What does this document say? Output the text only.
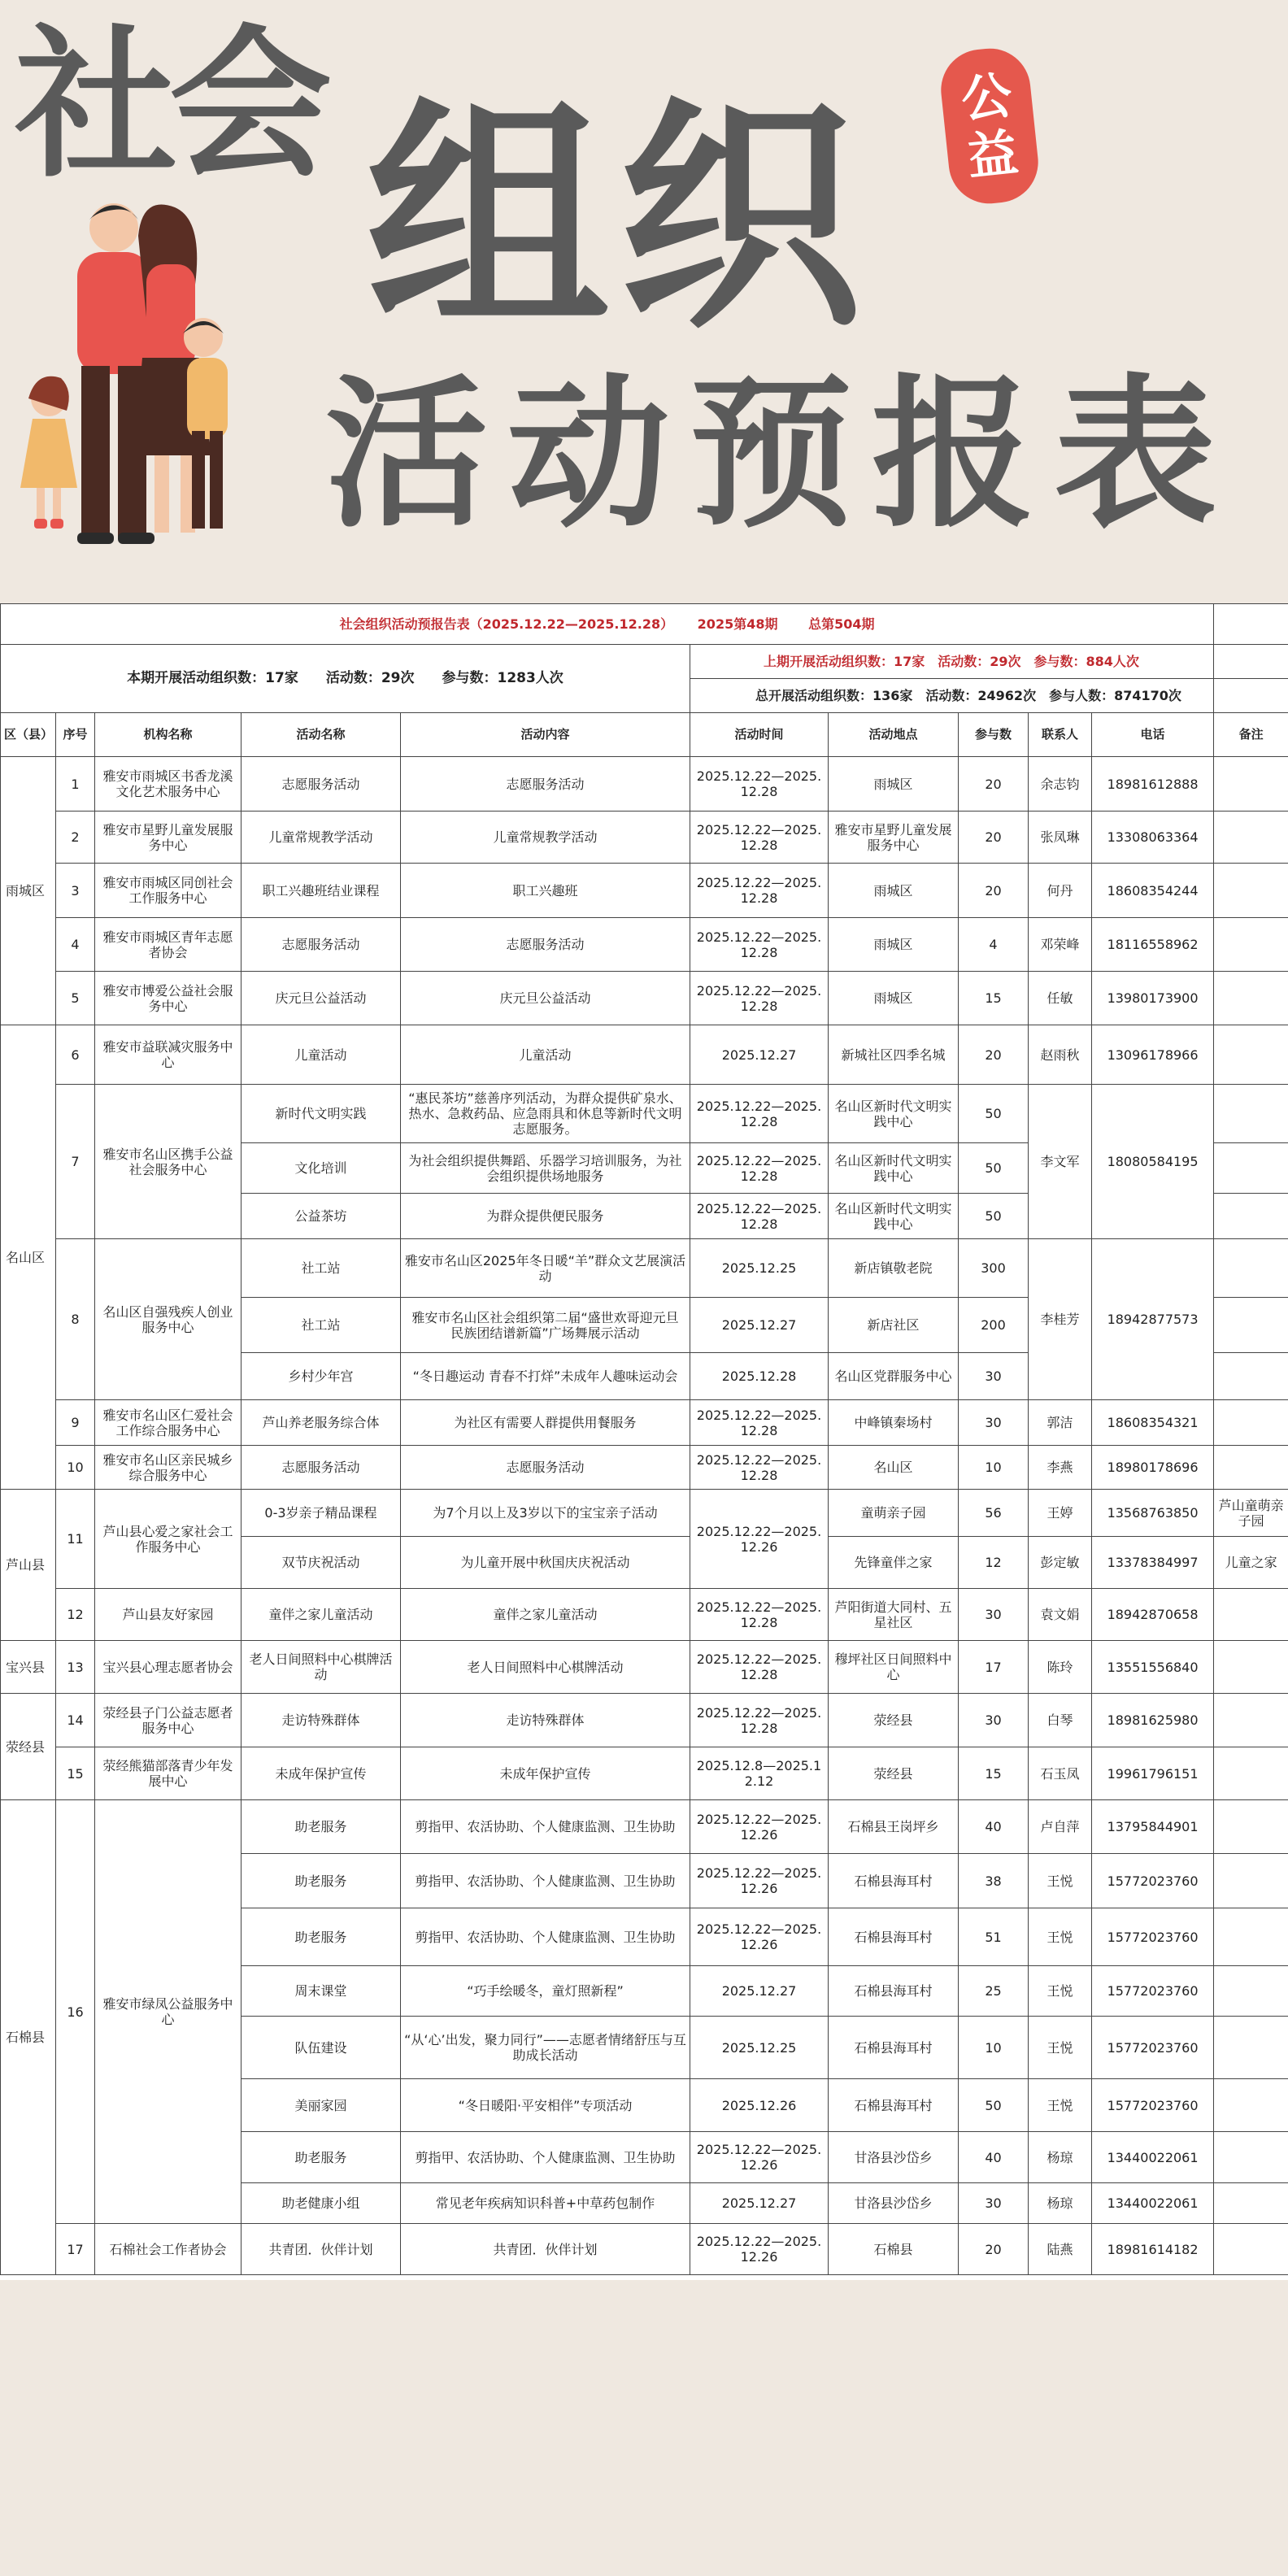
社会 组织
活动预报表
公
益
社会组织活动预报告表（2025.12.22—2025.12.28）　　 2025第48期　　 总第504期										
本期开展活动组织数：17家　　活动数：29次　　参与数：1283人次					上期开展活动组织数：17家　活动数：29次　参与数：884人次					
					总开展活动组织数：136家　活动数：24962次　参与人数：874170次					
区（县）	序号	机构名称	活动名称	活动内容	活动时间	活动地点	参与数	联系人	电话	备注
雨城区	1	雅安市雨城区书香龙溪文化艺术服务中心	志愿服务活动	志愿服务活动	2025.12.22—2025.12.28	雨城区	20	余志钧	18981612888	
	2	雅安市星野儿童发展服务中心	儿童常规教学活动	儿童常规教学活动	2025.12.22—2025.12.28	雅安市星野儿童发展服务中心	20	张凤琳	13308063364	
	3	雅安市雨城区同创社会工作服务中心	职工兴趣班结业课程	职工兴趣班	2025.12.22—2025.12.28	雨城区	20	何丹	18608354244	
	4	雅安市雨城区青年志愿者协会	志愿服务活动	志愿服务活动	2025.12.22—2025.12.28	雨城区	4	邓荣峰	18116558962	
	5	雅安市博爱公益社会服务中心	庆元旦公益活动	庆元旦公益活动	2025.12.22—2025.12.28	雨城区	15	任敏	13980173900	
名山区	6	雅安市益联减灾服务中心	儿童活动	儿童活动	2025.12.27	新城社区四季名城	20	赵雨秋	13096178966	
	7	雅安市名山区携手公益社会服务中心	新时代文明实践	“惠民茶坊”慈善序列活动，为群众提供矿泉水、热水、急救药品、应急雨具和休息等新时代文明志愿服务。	2025.12.22—2025.12.28	名山区新时代文明实践中心	50	李文军	18080584195	
			文化培训	为社会组织提供舞蹈、乐器学习培训服务，为社会组织提供场地服务	2025.12.22—2025.12.28	名山区新时代文明实践中心	50			
			公益茶坊	为群众提供便民服务	2025.12.22—2025.12.28	名山区新时代文明实践中心	50			
	8	名山区自强残疾人创业服务中心	社工站	雅安市名山区2025年冬日暖“羊”群众文艺展演活动	2025.12.25	新店镇敬老院	300	李桂芳	18942877573	
			社工站	雅安市名山区社会组织第二届“盛世欢哥迎元旦 民族团结谱新篇”广场舞展示活动	2025.12.27	新店社区	200			
			乡村少年宫	“冬日趣运动 青春不打烊”未成年人趣味运动会	2025.12.28	名山区党群服务中心	30			
	9	雅安市名山区仁爱社会工作综合服务中心	芦山养老服务综合体	为社区有需要人群提供用餐服务	2025.12.22—2025.12.28	中峰镇秦场村	30	郭洁	18608354321	
	10	雅安市名山区亲民城乡综合服务中心	志愿服务活动	志愿服务活动	2025.12.22—2025.12.28	名山区	10	李燕	18980178696	
芦山县	11	芦山县心爱之家社会工作服务中心	0-3岁亲子精品课程	为7个月以上及3岁以下的宝宝亲子活动	2025.12.22—2025.12.26	童萌亲子园	56	王婷	13568763850	芦山童萌亲子园
			双节庆祝活动	为儿童开展中秋国庆庆祝活动		先锋童伴之家	12	彭定敏	13378384997	儿童之家
	12	芦山县友好家园	童伴之家儿童活动	童伴之家儿童活动	2025.12.22—2025.12.28	芦阳街道大同村、五星社区	30	袁文娟	18942870658	
宝兴县	13	宝兴县心理志愿者协会	老人日间照料中心棋牌活动	老人日间照料中心棋牌活动	2025.12.22—2025.12.28	穆坪社区日间照料中心	17	陈玲	13551556840	
荥经县	14	荥经县子门公益志愿者服务中心	走访特殊群体	走访特殊群体	2025.12.22—2025.12.28	荥经县	30	白琴	18981625980	
	15	荥经熊猫部落青少年发展中心	未成年保护宣传	未成年保护宣传	2025.12.8—2025.12.12	荥经县	15	石玉凤	19961796151	
石棉县	16	雅安市绿凤公益服务中心	助老服务	剪指甲、农活协助、个人健康监测、卫生协助	2025.12.22—2025.12.26	石棉县王岗坪乡	40	卢自萍	13795844901	
			助老服务	剪指甲、农活协助、个人健康监测、卫生协助	2025.12.22—2025.12.26	石棉县海耳村	38	王悦	15772023760	
			助老服务	剪指甲、农活协助、个人健康监测、卫生协助	2025.12.22—2025.12.26	石棉县海耳村	51	王悦	15772023760	
			周末课堂	“巧手绘暖冬，童灯照新程”	2025.12.27	石棉县海耳村	25	王悦	15772023760	
			队伍建设	“从‘心’出发，聚力同行”——志愿者情绪舒压与互助成长活动	2025.12.25	石棉县海耳村	10	王悦	15772023760	
			美丽家园	“冬日暖阳·平安相伴”专项活动	2025.12.26	石棉县海耳村	50	王悦	15772023760	
			助老服务	剪指甲、农活协助、个人健康监测、卫生协助	2025.12.22—2025.12.26	甘洛县沙岱乡	40	杨琼	13440022061	
			助老健康小组	常见老年疾病知识科普+中草药包制作	2025.12.27	甘洛县沙岱乡	30	杨琼	13440022061	
	17	石棉社会工作者协会	共青团．伙伴计划	共青团．伙伴计划	2025.12.22—2025.12.26	石棉县	20	陆燕	18981614182	
